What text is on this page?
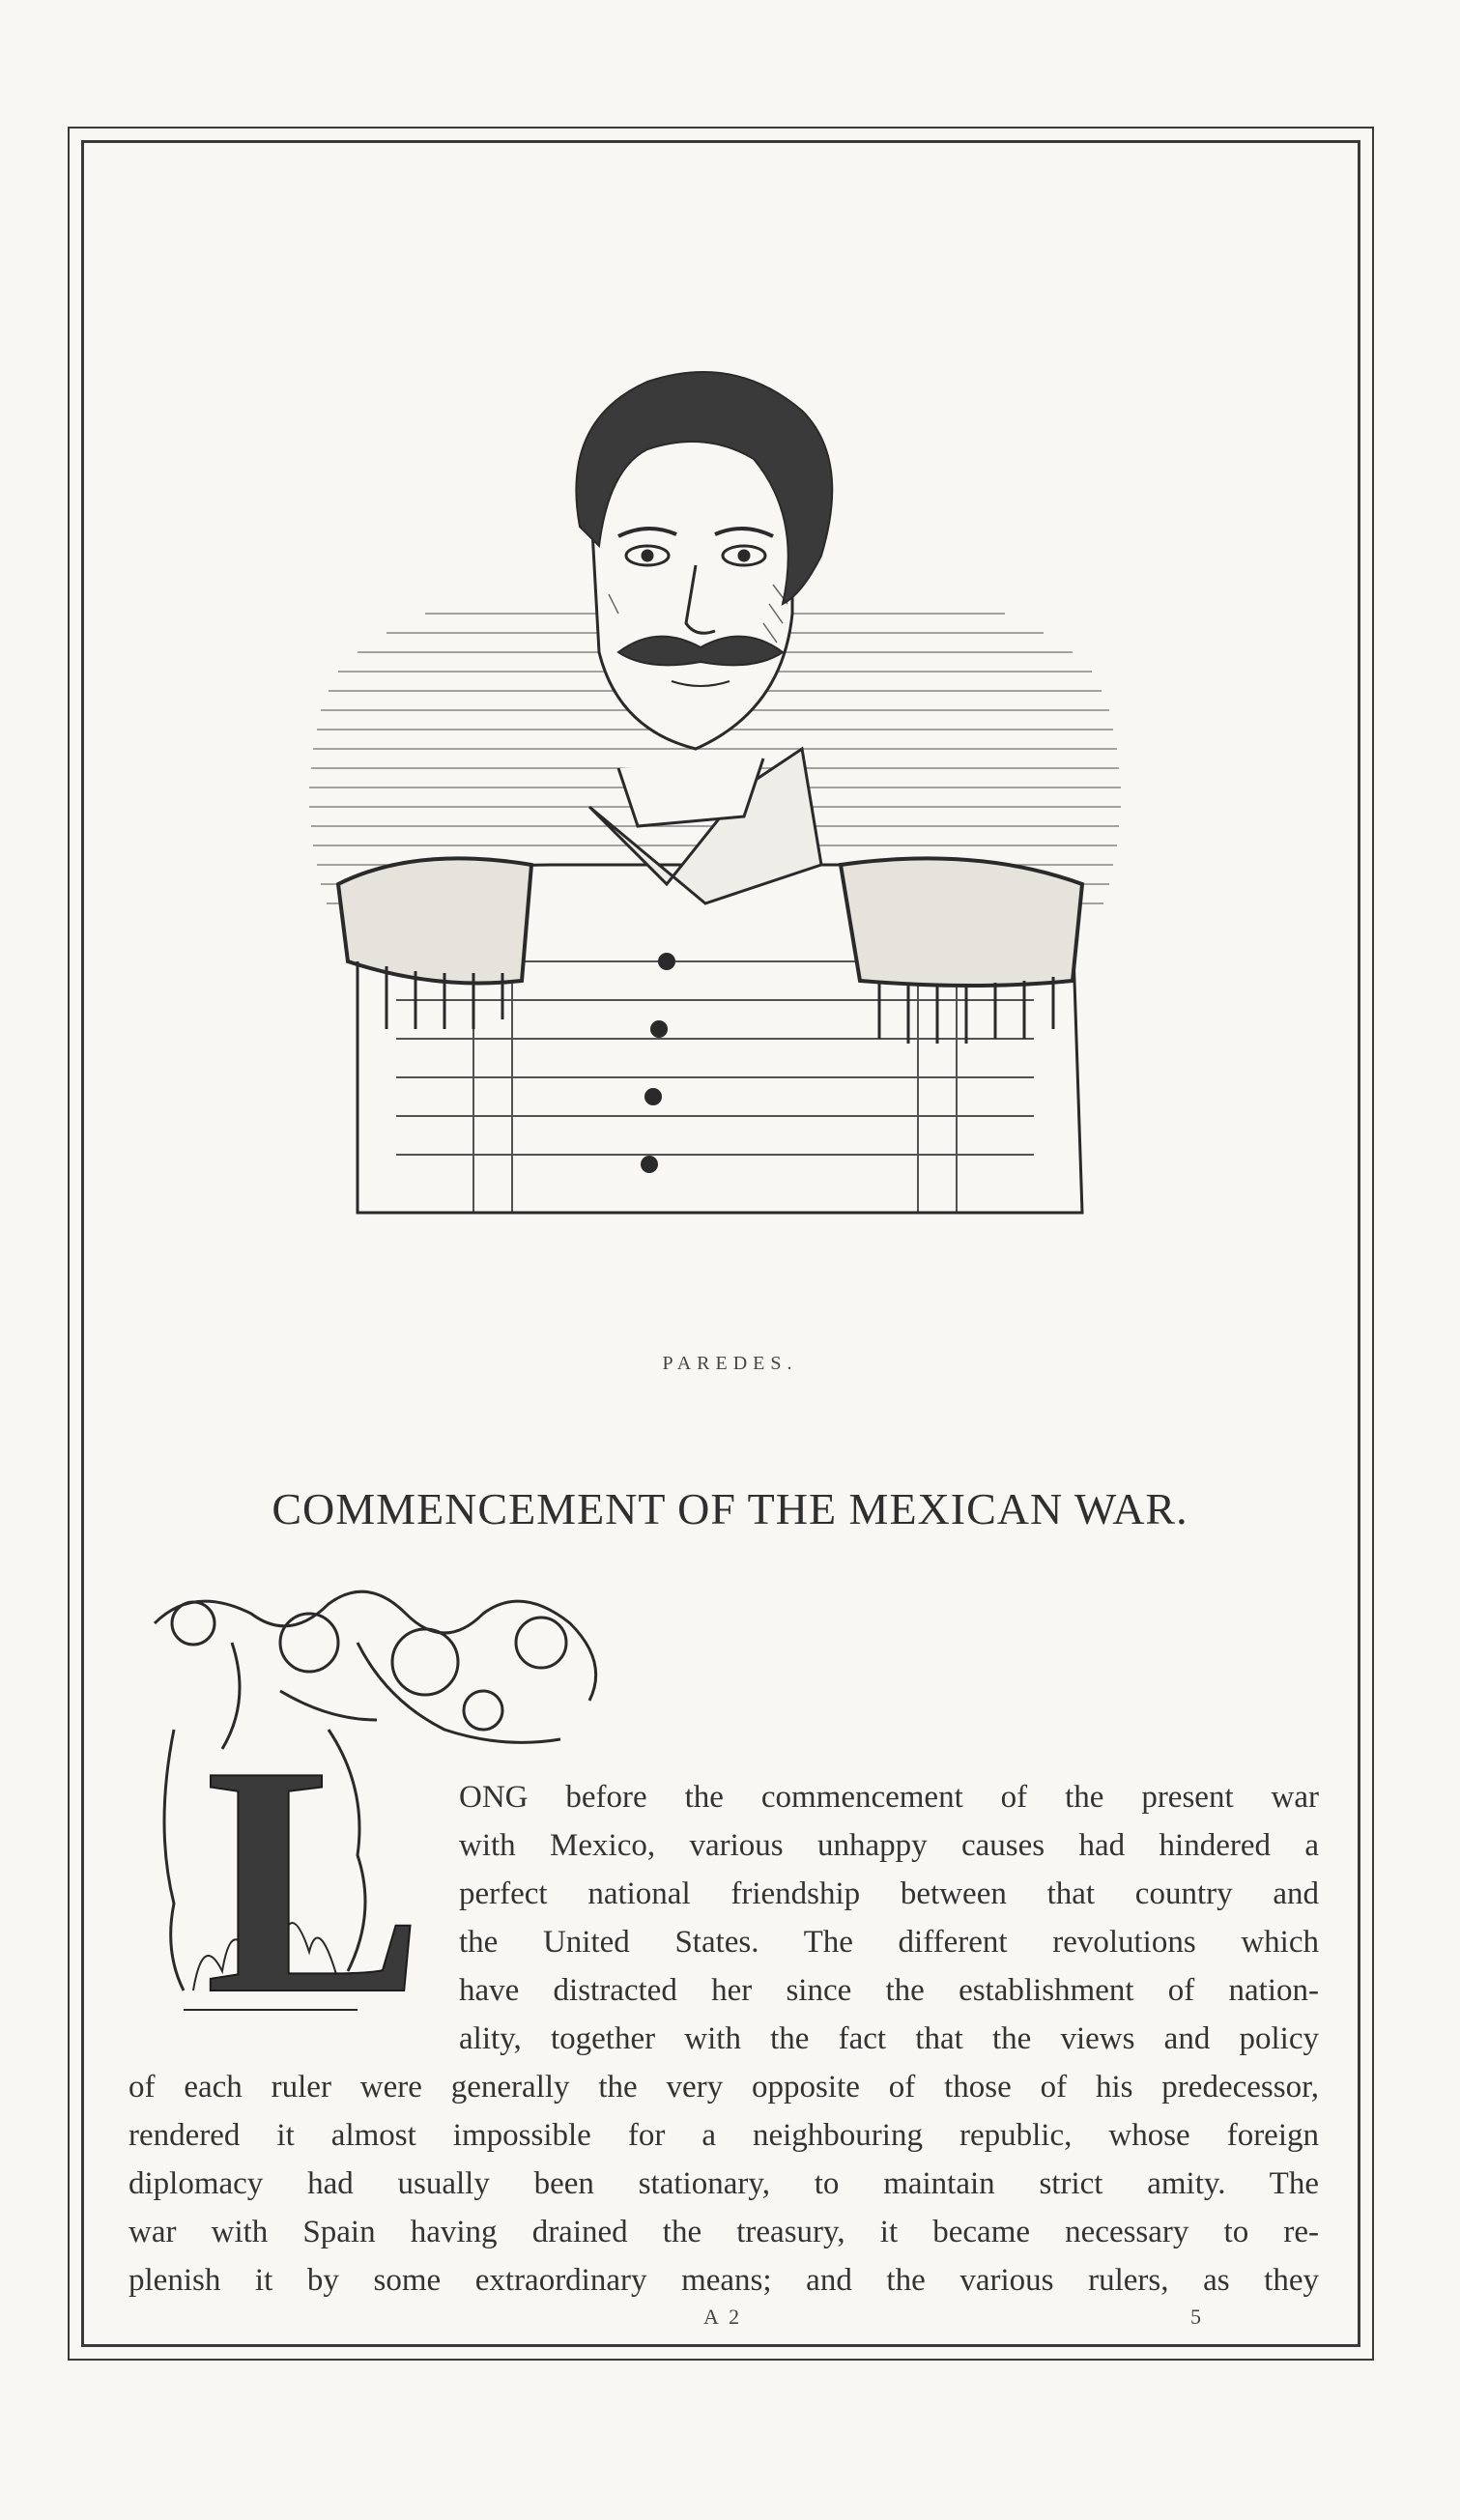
PAREDES.
COMMENCEMENT OF THE MEXICAN WAR.
L ONG before the commencement of the present war
with Mexico, various unhappy causes had hindered a
perfect national friendship between that country and
the United States. The different revolutions which
have distracted her since the establishment of nation-
ality, together with the fact that the views and policy
of each ruler were generally the very opposite of those of his predecessor,
rendered it almost impossible for a neighbouring republic, whose foreign
diplomacy had usually been stationary, to maintain strict amity. The
war with Spain having drained the treasury, it became necessary to re-
plenish it by some extraordinary means; and the various rulers, as they
A 2	5
